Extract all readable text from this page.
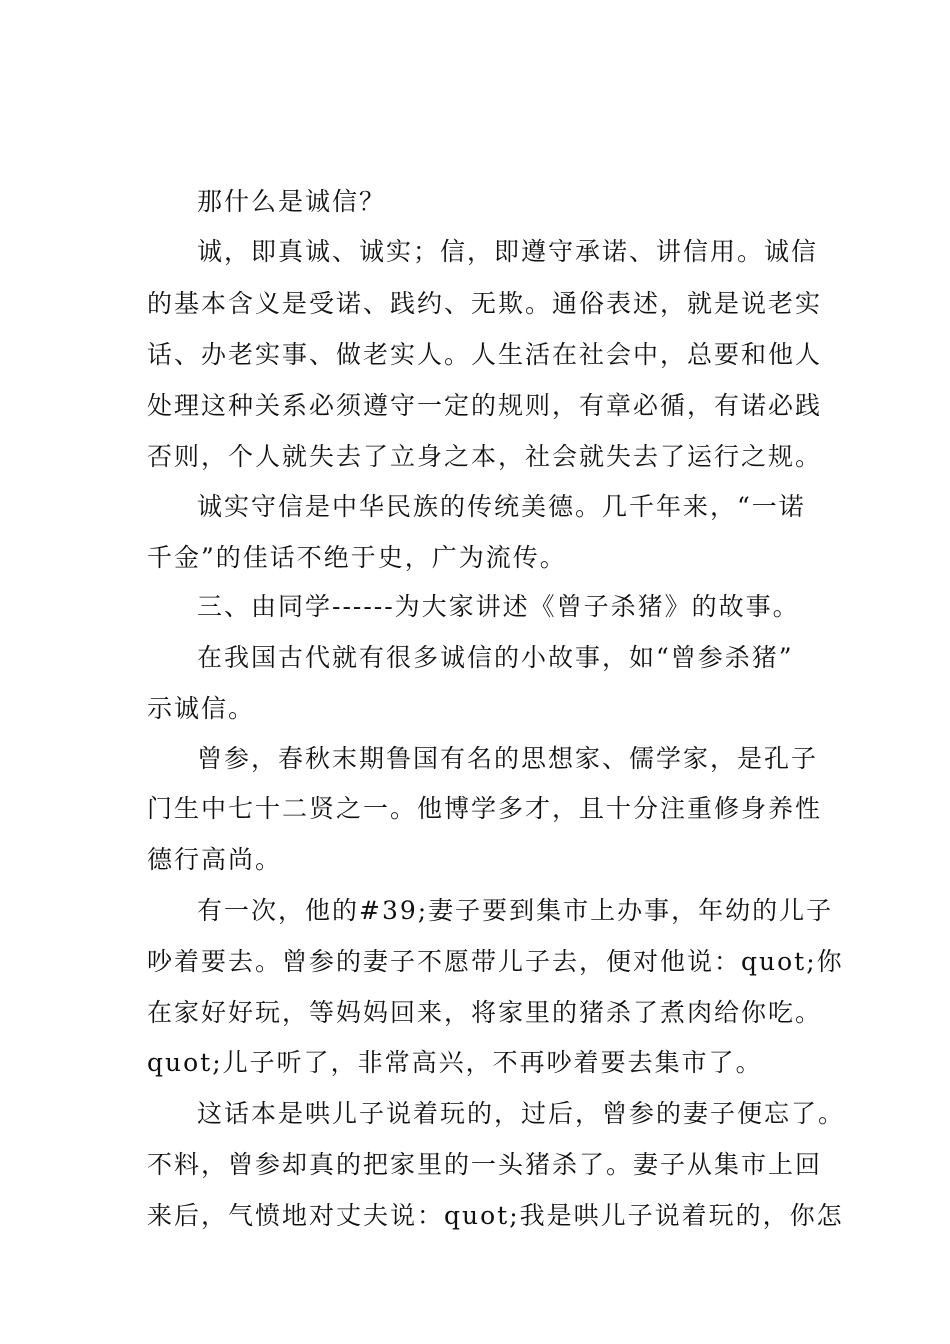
那什么是诚信？
诚，即真诚、诚实；信，即遵守承诺、讲信用。诚信
的基本含义是受诺、践约、无欺。通俗表述，就是说老实
话、办老实事、做老实人。人生活在社会中，总要和他人
处理这种关系必须遵守一定的规则，有章必循，有诺必践
否则，个人就失去了立身之本，社会就失去了运行之规。
诚实守信是中华民族的传统美德。几千年来，“一诺
千金”的佳话不绝于史，广为流传。
三、由同学------为大家讲述《曾子杀猪》的故事。
在我国古代就有很多诚信的小故事，如“曾参杀猪”
示诚信。
曾参，春秋末期鲁国有名的思想家、儒学家，是孔子
门生中七十二贤之一。他博学多才，且十分注重修身养性
德行高尚。
有一次，他的#39;妻子要到集市上办事，年幼的儿子
吵着要去。曾参的妻子不愿带儿子去，便对他说：quot;你
在家好好玩，等妈妈回来，将家里的猪杀了煮肉给你吃。
quot;儿子听了，非常高兴，不再吵着要去集市了。
这话本是哄儿子说着玩的，过后，曾参的妻子便忘了。
不料，曾参却真的把家里的一头猪杀了。妻子从集市上回
来后，气愤地对丈夫说：quot;我是哄儿子说着玩的，你怎
